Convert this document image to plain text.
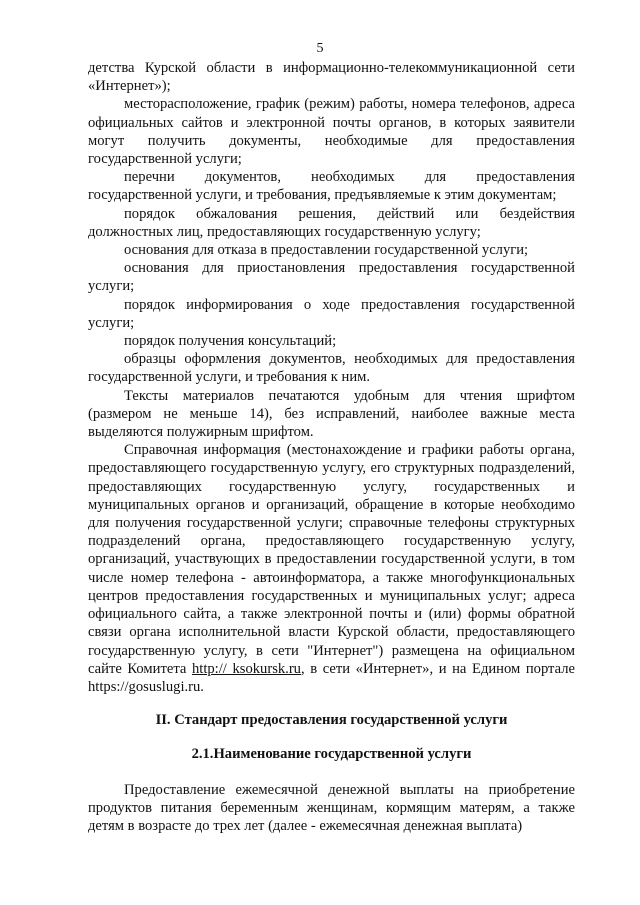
5

детства Курской области в информационно-телекоммуникационной сети «Интернет»);

месторасположение, график (режим) работы, номера телефонов, адреса официальных сайтов и электронной почты органов, в которых заявители могут получить документы, необходимые для предоставления государственной услуги;

перечни документов, необходимых для предоставления государственной услуги, и требования, предъявляемые к этим документам;

порядок обжалования решения, действий или бездействия должностных лиц, предоставляющих государственную услугу;

основания для отказа в предоставлении государственной услуги;

основания для приостановления предоставления государственной услуги;

порядок информирования о ходе предоставления государственной услуги;

порядок получения консультаций;

образцы оформления документов, необходимых для предоставления государственной услуги, и требования к ним.

Тексты материалов печатаются удобным для чтения шрифтом (размером не меньше 14), без исправлений, наиболее важные места выделяются полужирным шрифтом.

Справочная информация (местонахождение и графики работы органа, предоставляющего государственную услугу, его структурных подразделений, предоставляющих государственную услугу, государственных и муниципальных органов и организаций, обращение в которые необходимо для получения государственной услуги; справочные телефоны структурных подразделений органа, предоставляющего государственную услугу, организаций, участвующих в предоставлении государственной услуги, в том числе номер телефона - автоинформатора, а также многофункциональных центров предоставления государственных и муниципальных услуг; адреса официального сайта, а также электронной почты и (или) формы обратной связи органа исполнительной власти Курской области, предоставляющего государственную услугу, в сети "Интернет") размещена на официальном сайте Комитета http:// ksokursk.ru, в сети «Интернет», и на Едином портале https://gosuslugi.ru.

II. Стандарт предоставления государственной услуги

2.1.Наименование государственной услуги

Предоставление ежемесячной денежной выплаты на приобретение продуктов питания беременным женщинам, кормящим матерям, а также детям в возрасте до трех лет (далее - ежемесячная денежная выплата)
